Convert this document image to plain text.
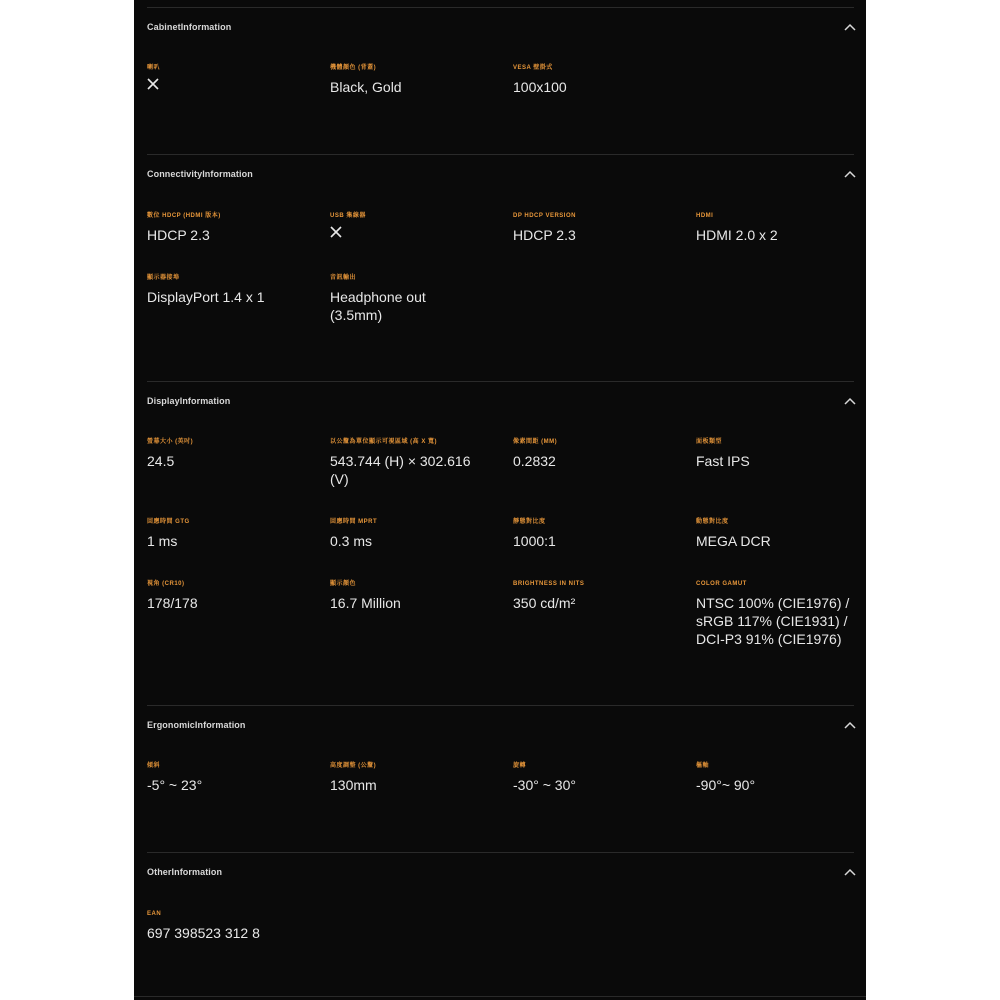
CabinetInformation
喇叭	機體顏色 (背蓋)
Black, Gold
VESA 壁掛式
100x100
ConnectivityInformation
數位 HDCP (HDMI 版本)
HDCP 2.3
USB 集線器	DP HDCP VERSION
HDCP 2.3
HDMI
HDMI 2.0 x 2
顯示器接埠
DisplayPort 1.4 x 1
音訊輸出
Headphone out (3.5mm)
DisplayInformation
螢幕大小 (英吋)
24.5
以公釐為單位顯示可視區域 (高 X 寬)
543.744 (H) × 302.616 (V)
像素間距 (MM)
0.2832
面板類型
Fast IPS
回應時間 GTG
1 ms
回應時間 MPRT
0.3 ms
靜態對比度
1000:1
動態對比度
MEGA DCR
視角 (CR10)
178/178
顯示顏色
16.7 Million
BRIGHTNESS IN NITS
350 cd/m²
COLOR GAMUT
NTSC 100% (CIE1976) / sRGB 117% (CIE1931) / DCI-P3 91% (CIE1976)
ErgonomicInformation
傾斜
-5° ~ 23°
高度調整 (公釐)
130mm
旋轉
-30° ~ 30°
樞軸
-90°~ 90°
OtherInformation
EAN
697 398523 312 8
